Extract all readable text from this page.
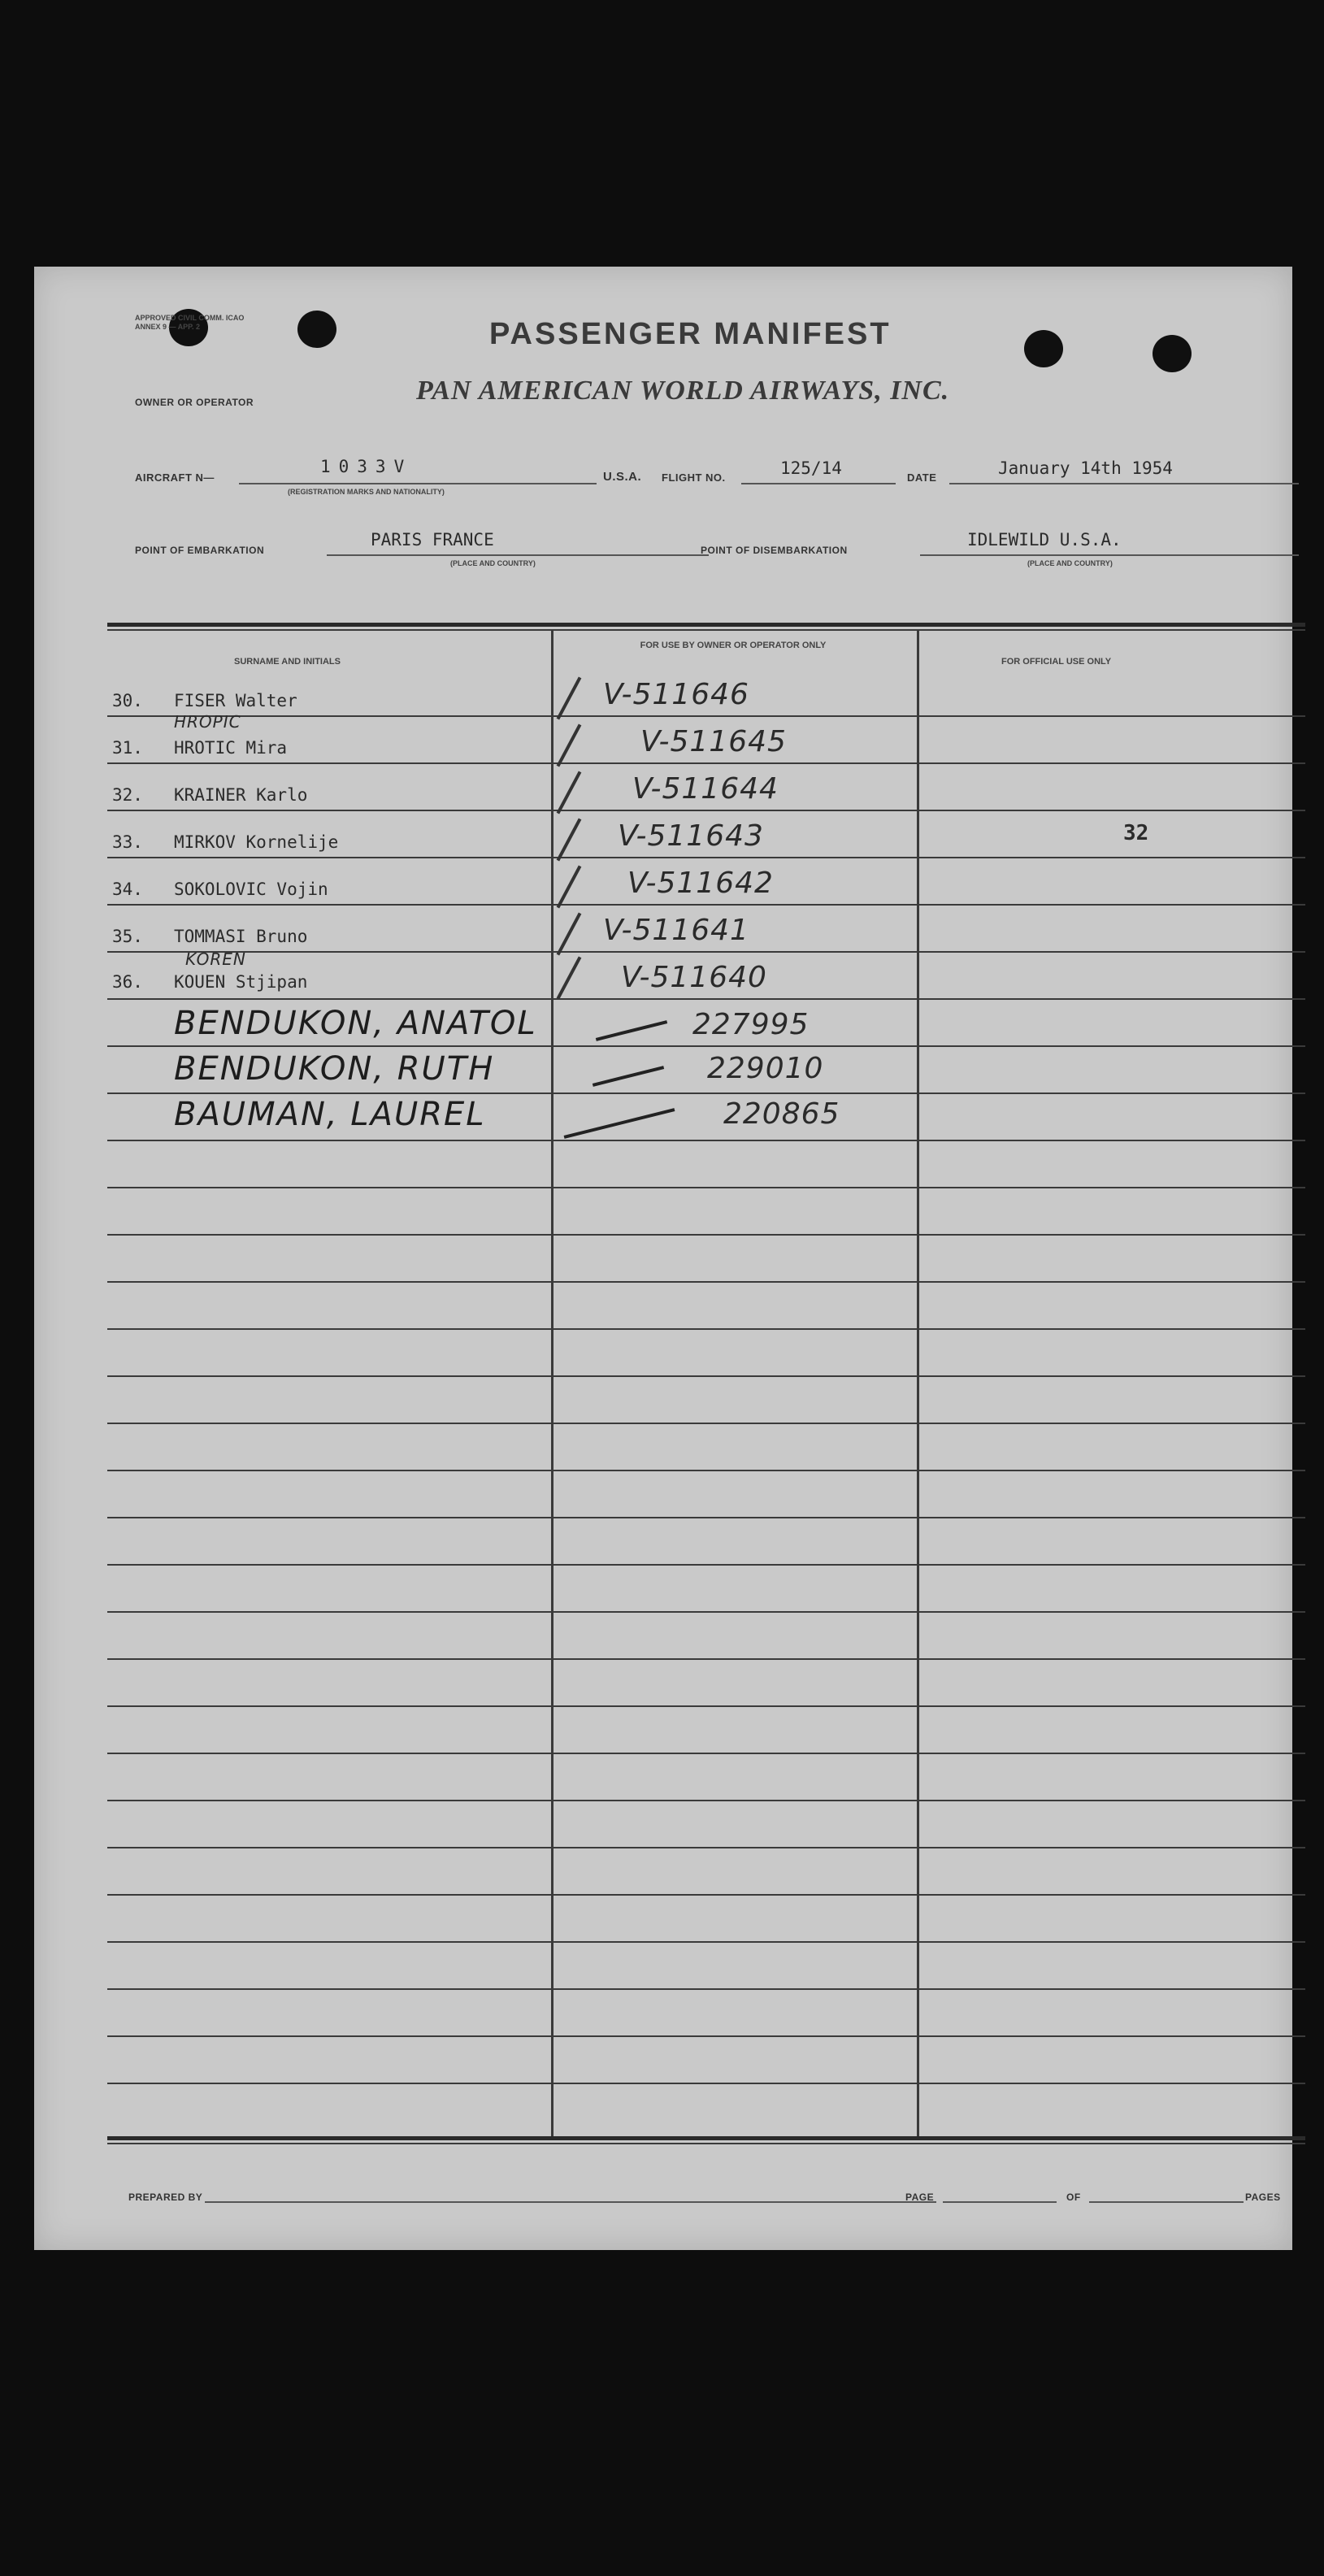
APPROVED CIVIL COMM. ICAO ANNEX 9 — APP. 2	PASSENGER MANIFEST
OWNER OR OPERATOR	PAN AMERICAN WORLD AIRWAYS, INC.
AIRCRAFT N—
1033V
(REGISTRATION MARKS AND NATIONALITY)
U.S.A. FLIGHT NO.	125/14	DATE	January 14th 1954
POINT OF EMBARKATION
PARIS FRANCE
(PLACE AND COUNTRY)
POINT OF DISEMBARKATION
IDLEWILD U.S.A.
(PLACE AND COUNTRY)
SURNAME AND INITIALS
FOR USE BY OWNER OR OPERATOR ONLY
FOR OFFICIAL USE ONLY
30. FISER Walter	V-511646
HROPIC
31. HROTIC Mira	V-511645
32. KRAINER Karlo	V-511644
33. MIRKOV Kornelije	V-511643	32
34. SOKOLOVIC Vojin	V-511642
35. TOMMASI Bruno	V-511641
KOREN
36. KOUEN Stjipan	V-511640
BENDUKON, ANATOL	227995
BENDUKON, RUTH	229010
BAUMAN, LAUREL	220865
PREPARED BY	PAGE	OF	PAGES
